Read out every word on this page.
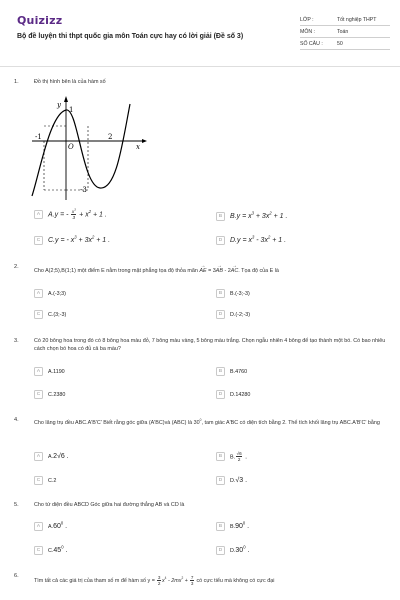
Quizizz
Bộ đề luyện thi thpt quốc gia môn Toán cực hay có lời giải (Đề số 3)
LỚP :	Tốt nghiệp THPT
MÔN :	Toán
SỐ CÂU :	50
1.	Đồ thị hình bên là của hàm số
y
1
-1
O
2
x
-3
A	A.y = - $\frac{x^3}{3} + x^2 + 1$ .	B	$B.y = x^3 + 3x^2 + 1$ .
C	C.y = - $x^3 + 3x^2 + 1$ .	D	$D.y = x^3 - 3x^2 + 1$ .
2.
Cho A(2;5),B(1;1) một điểm E nằm trong mặt phẳng tọa độ thỏa mãn → AE = 3→ AB - 2→ AC. Tọa độ của E là
A	A.(-3;3)	B	B.(-3;-3)
C	C.(3;-3)	D	D.(-2;-3)
3.	Có 20 bông hoa trong đó có 8 bông hoa màu đỏ, 7 bông màu vàng, 5 bông màu trắng. Chọn ngẫu nhiên 4 bông để tạo thành một bó. Có bao nhiêu cách chọn bó hoa có đủ cả ba màu?
A	A.1190	B	B.4760
C	C.2380	D	D.14280
4.	Cho lăng trụ đều ABC.A'B'C' Biết rằng góc giữa (A'BC)và (ABC) là $30^0$, tam giác A'BC có diện tích bằng 2. Thể tích khối lăng trụ ABC.A'B'C' bằng
A	A.2√6 .	B	B. $\frac{√6}{2}$ .
C	C.2	D	D.√3 .
5.	Cho tứ diện đều ABCD Góc giữa hai đường thẳng AB và CD là
A	$A.60^0$ .	B	$B.90^0$ .
C	$C.45^0$ .	D	$D.30^0$ .
6.
Tìm tất cả các giá trị của tham số m để hàm số $y = \frac{3}{2} x^4 - 2mx^2 + \frac{7}{3}$ có cực tiểu mà không có cực đại
